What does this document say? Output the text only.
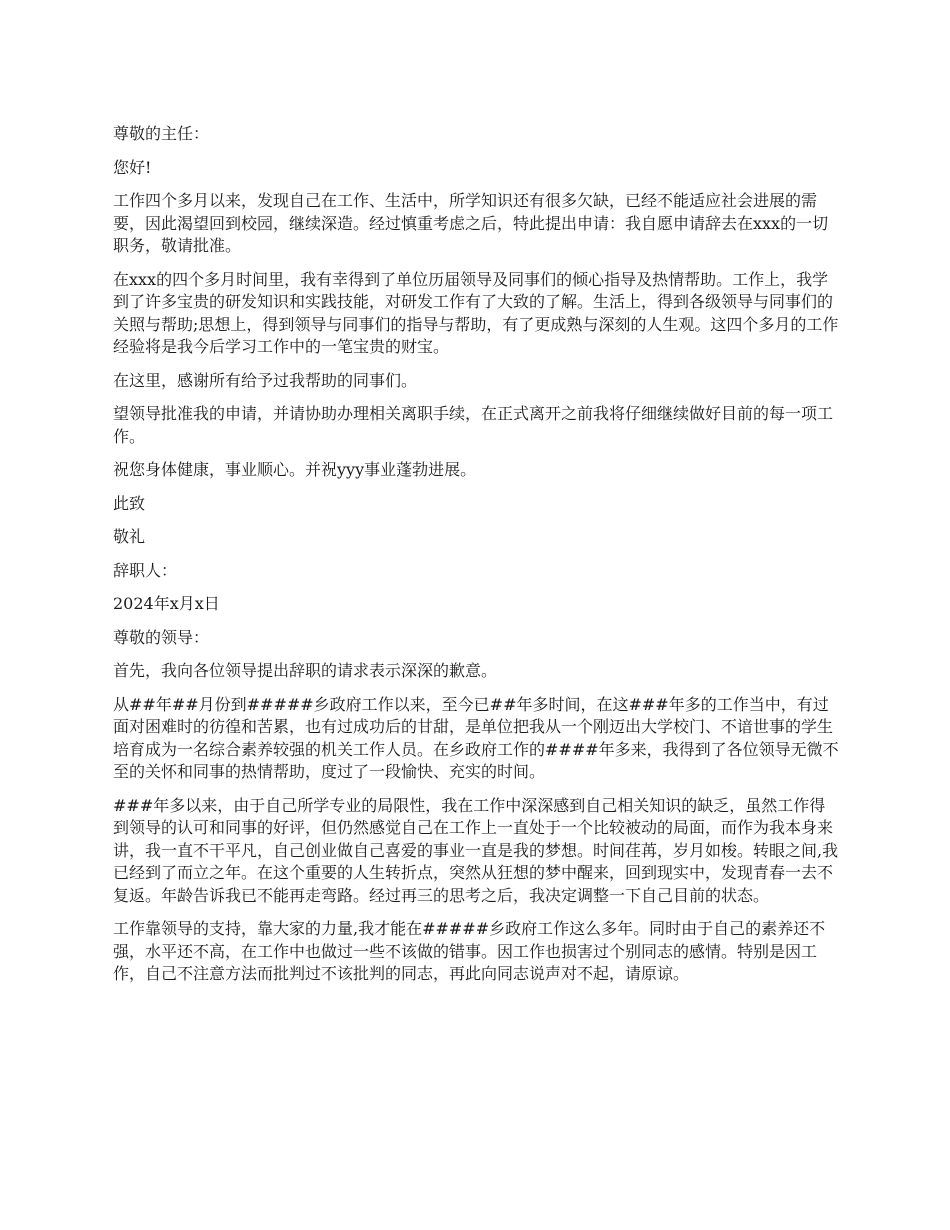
尊敬的主任：

您好!

工作四个多月以来，发现自己在工作、生活中，所学知识还有很多欠缺，已经不能适应社会进展的需要，因此渴望回到校园，继续深造。经过慎重考虑之后，特此提出申请：我自愿申请辞去在xxx的一切职务，敬请批准。

在xxx的四个多月时间里，我有幸得到了单位历届领导及同事们的倾心指导及热情帮助。工作上，我学到了许多宝贵的研发知识和实践技能，对研发工作有了大致的了解。生活上，得到各级领导与同事们的关照与帮助;思想上，得到领导与同事们的指导与帮助，有了更成熟与深刻的人生观。这四个多月的工作经验将是我今后学习工作中的一笔宝贵的财宝。

在这里，感谢所有给予过我帮助的同事们。

望领导批准我的申请，并请协助办理相关离职手续，在正式离开之前我将仔细继续做好目前的每一项工作。

祝您身体健康，事业顺心。并祝yyy事业蓬勃进展。

此致

敬礼

辞职人：

2024年x月x日

尊敬的领导：

首先，我向各位领导提出辞职的请求表示深深的歉意。

从##年##月份到#####乡政府工作以来，至今已##年多时间，在这###年多的工作当中，有过面对困难时的彷徨和苦累，也有过成功后的甘甜，是单位把我从一个刚迈出大学校门、不谙世事的学生培育成为一名综合素养较强的机关工作人员。在乡政府工作的####年多来，我得到了各位领导无微不至的关怀和同事的热情帮助，度过了一段愉快、充实的时间。

###年多以来，由于自己所学专业的局限性，我在工作中深深感到自己相关知识的缺乏，虽然工作得到领导的认可和同事的好评，但仍然感觉自己在工作上一直处于一个比较被动的局面，而作为我本身来讲，我一直不干平凡，自己创业做自己喜爱的事业一直是我的梦想。时间荏苒，岁月如梭。转眼之间,我已经到了而立之年。在这个重要的人生转折点，突然从狂想的梦中醒来，回到现实中，发现青春一去不复返。年龄告诉我已不能再走弯路。经过再三的思考之后，我决定调整一下自己目前的状态。

工作靠领导的支持，靠大家的力量,我才能在#####乡政府工作这么多年。同时由于自己的素养还不强，水平还不高，在工作中也做过一些不该做的错事。因工作也损害过个别同志的感情。特别是因工作，自己不注意方法而批判过不该批判的同志，再此向同志说声对不起，请原谅。
